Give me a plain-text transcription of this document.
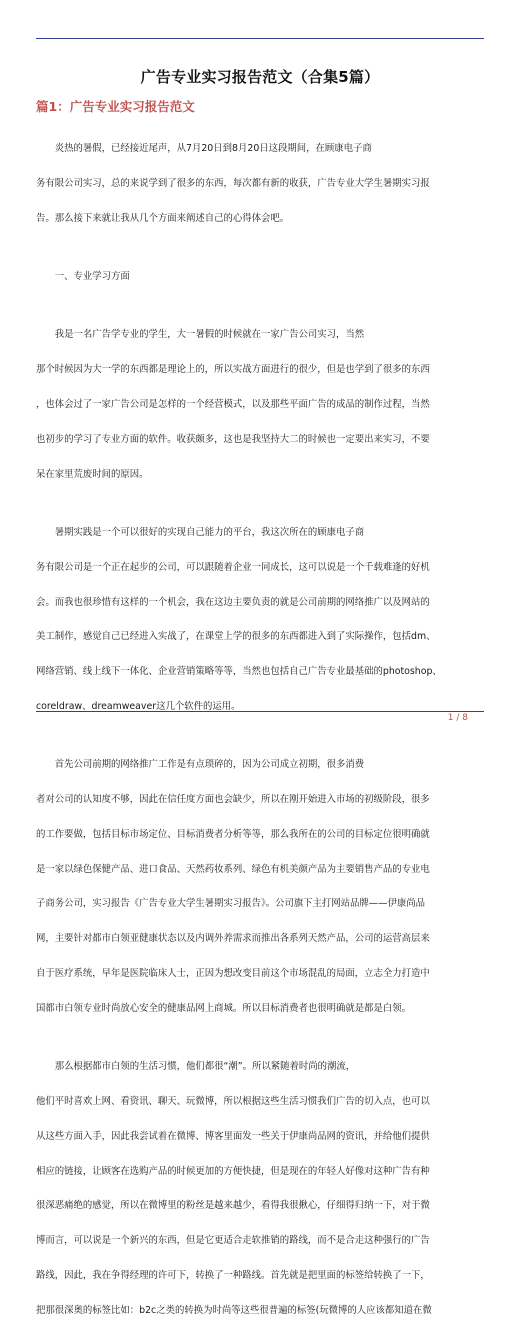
广告专业实习报告范文（合集5篇）
篇1：广告专业实习报告范文

　　炎热的暑假，已经接近尾声，从7月20日到8月20日这段期间，在顾康电子商

务有限公司实习，总的来说学到了很多的东西，每次都有新的收获，广告专业大学生暑期实习报

告。那么接下来就让我从几个方面来阐述自己的心得体会吧。

　　一、专业学习方面

　　我是一名广告学专业的学生，大一暑假的时候就在一家广告公司实习，当然

那个时候因为大一学的东西都是理论上的，所以实战方面进行的很少，但是也学到了很多的东西

，也体会过了一家广告公司是怎样的一个经营模式，以及那些平面广告的成品的制作过程，当然

也初步的学习了专业方面的软件。收获颇多，这也是我坚持大二的时候也一定要出来实习，不要

呆在家里荒废时间的原因。

　　暑期实践是一个可以很好的实现自己能力的平台，我这次所在的顾康电子商

务有限公司是一个正在起步的公司，可以跟随着企业一同成长，这可以说是一个千载难逢的好机

会。而我也很珍惜有这样的一个机会，我在这边主要负责的就是公司前期的网络推广以及网站的

美工制作，感觉自己已经进入实战了，在课堂上学的很多的东西都进入到了实际操作，包括dm、

网络营销、线上线下一体化、企业营销策略等等，当然也包括自己广告专业最基础的photoshop、

coreldraw、dreamweaver这几个软件的运用。

　　首先公司前期的网络推广工作是有点琐碎的，因为公司成立初期，很多消费

者对公司的认知度不够，因此在信任度方面也会缺少，所以在刚开始进入市场的初级阶段，很多

的工作要做，包括目标市场定位、目标消费者分析等等，那么我所在的公司的目标定位很明确就

是一家以绿色保健产品、进口食品、天然药妆系列、绿色有机美颜产品为主要销售产品的专业电

子商务公司，实习报告《广告专业大学生暑期实习报告》。公司旗下主打网站品牌——伊康尚品

网，主要针对都市白领亚健康状态以及内调外养需求而推出各系列天然产品，公司的运营高层来

自于医疗系统，早年是医院临床人士，正因为想改变目前这个市场混乱的局面，立志全力打造中

国都市白领专业时尚放心安全的健康品网上商城。所以目标消费者也很明确就是都是白领。

　　那么根据都市白领的生活习惯，他们都很“潮”。所以紧随着时尚的潮流，

他们平时喜欢上网、看资讯、聊天、玩微博，所以根据这些生活习惯我们广告的切入点，也可以

从这些方面入手，因此我尝试着在微博、博客里面发一些关于伊康尚品网的资讯，并给他们提供

相应的链接，让顾客在选购产品的时候更加的方便快捷，但是现在的年轻人好像对这种广告有种

很深恶痛绝的感觉，所以在微博里的粉丝是越来越少，看得我很揪心，仔细得归纳一下，对于微

博而言，可以说是一个新兴的东西，但是它更适合走软推销的路线，而不是合走这种强行的广告

路线，因此，我在争得经理的许可下，转换了一种路线。首先就是把里面的标签给转换了一下，

把那很深奥的标签比如：b2c之类的转换为时尚等这些很普遍的标签(玩微博的人应该都知道在微

1 / 8
